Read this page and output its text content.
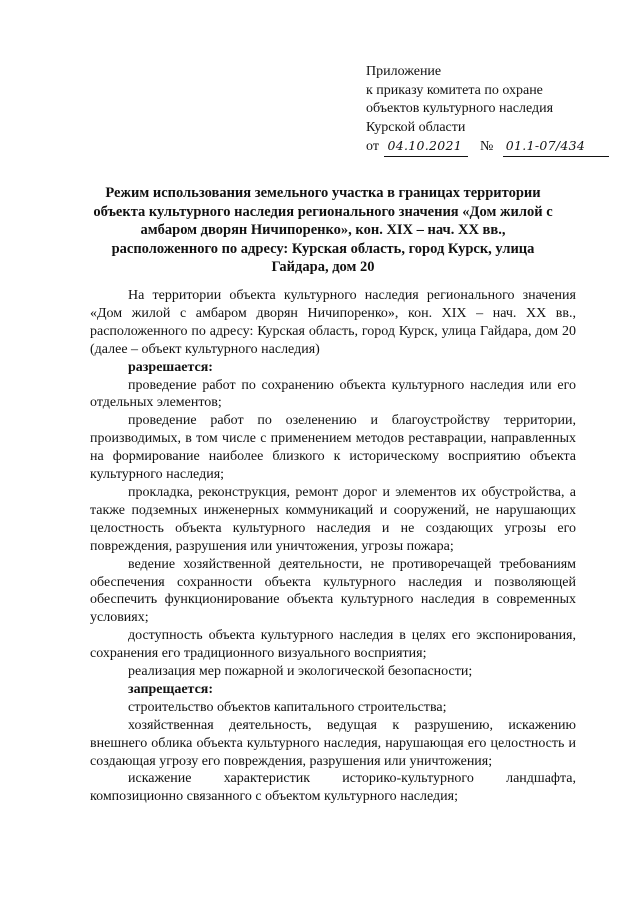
Приложение
к приказу комитета по охране
объектов культурного наследия
Курской области
от 04.10.2021 № 01.1-07/434
Режим использования земельного участка в границах территории объекта культурного наследия регионального значения «Дом жилой с амбаром дворян Ничипоренко», кон. XIX – нач. XX вв., расположенного по адресу: Курская область, город Курск, улица Гайдара, дом 20

На территории объекта культурного наследия регионального значения «Дом жилой с амбаром дворян Ничипоренко», кон. XIX – нач. XX вв., расположенного по адресу: Курская область, город Курск, улица Гайдара, дом 20 (далее – объект культурного наследия)

разрешается:

проведение работ по сохранению объекта культурного наследия или его отдельных элементов;

проведение работ по озеленению и благоустройству территории, производимых, в том числе с применением методов реставрации, направленных на формирование наиболее близкого к историческому восприятию объекта культурного наследия;

прокладка, реконструкция, ремонт дорог и элементов их обустройства, а также подземных инженерных коммуникаций и сооружений, не нарушающих целостность объекта культурного наследия и не создающих угрозы его повреждения, разрушения или уничтожения, угрозы пожара;

ведение хозяйственной деятельности, не противоречащей требованиям обеспечения сохранности объекта культурного наследия и позволяющей обеспечить функционирование объекта культурного наследия в современных условиях;

доступность объекта культурного наследия в целях его экспонирования, сохранения его традиционного визуального восприятия;

реализация мер пожарной и экологической безопасности;

запрещается:

строительство объектов капитального строительства;

хозяйственная деятельность, ведущая к разрушению, искажению внешнего облика объекта культурного наследия, нарушающая его целостность и создающая угрозу его повреждения, разрушения или уничтожения;

искажение характеристик историко-культурного ландшафта, композиционно связанного с объектом культурного наследия;
